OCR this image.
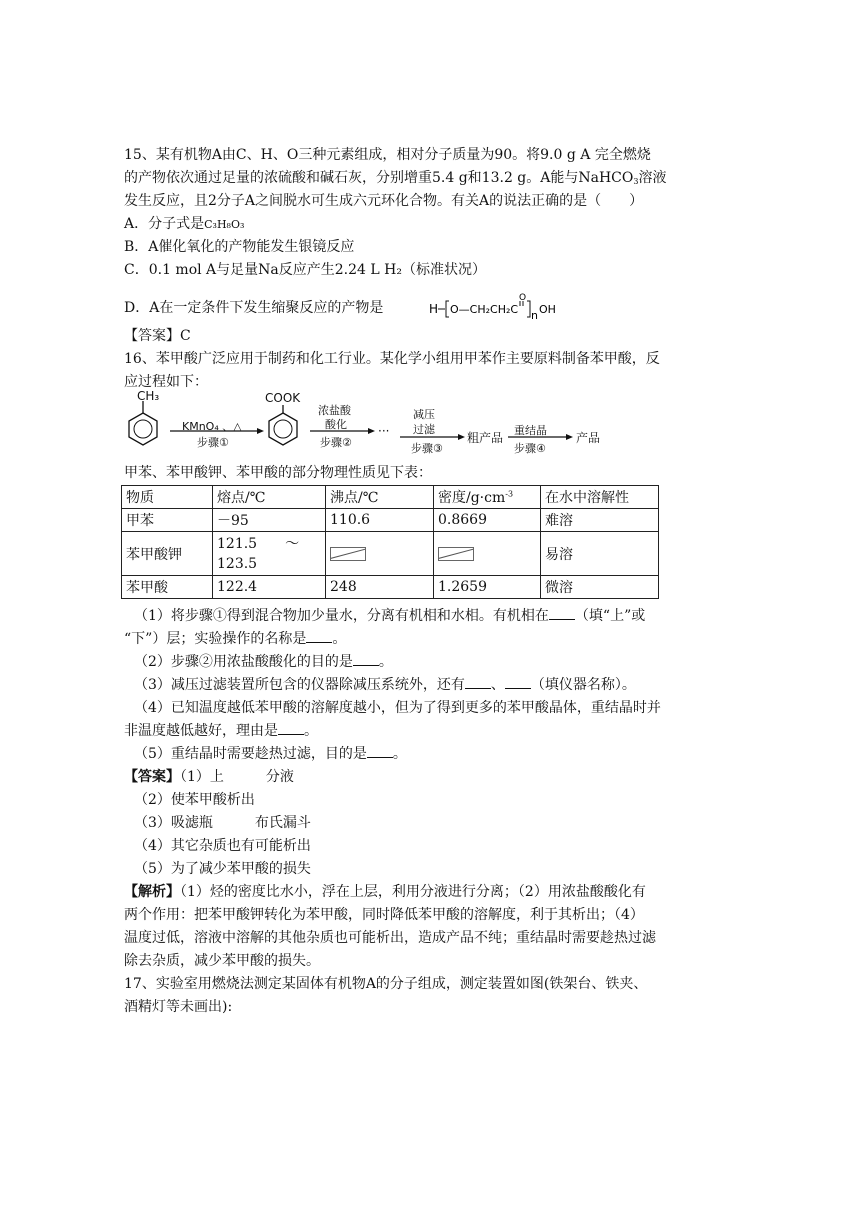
15、某有机物A由C、H、O三种元素组成，相对分子质量为90。将9.0 g A 完全燃烧
的产物依次通过足量的浓硫酸和碱石灰，分别增重5.4 g和13.2 g。A能与NaHCO$_3$溶液
发生反应，且2分子A之间脱水可生成六元环化合物。有关A的说法正确的是（　　）
A．分子式是C₃H₈O₃
B．A催化氧化的产物能发生银镜反应
C．0.1 mol A与足量Na反应产生2.24 L H₂（标准状况）
D．A在一定条件下发生缩聚反应的产物是	H O—CH₂CH₂C
O
n OH
【答案】C
16、苯甲酸广泛应用于制药和化工行业。某化学小组用甲苯作主要原料制备苯甲酸，反
应过程如下：
CH₃
KMnO₄ 、△
步骤①
COOK
浓盐酸
酸化
步骤②
···
减压
过滤
步骤③
粗产品
重结晶
步骤④
产品
甲苯、苯甲酸钾、苯甲酸的部分物理性质见下表：
物质	熔点/℃	沸点/℃	密度$/g\cdot cm^{-3}$	在水中溶解性
甲苯	－95	110.6	0.8669	难溶
苯甲酸钾	121.5　　～ 123.5			易溶
苯甲酸	122.4	248	1.2659	微溶
（1）将步骤①得到混合物加少量水，分离有机相和水相。有机相在 （填“上”或
“下”）层；实验操作的名称是 。
（2）步骤②用浓盐酸酸化的目的是 。
（3）减压过滤装置所包含的仪器除减压系统外，还有 、 （填仪器名称）。
（4）已知温度越低苯甲酸的溶解度越小，但为了得到更多的苯甲酸晶体，重结晶时并
非温度越低越好，理由是 。
（5）重结晶时需要趁热过滤，目的是 。
【答案】（1）上　　　分液
（2）使苯甲酸析出
（3）吸滤瓶　　　布氏漏斗
（4）其它杂质也有可能析出
（5）为了减少苯甲酸的损失
【解析】（1）烃的密度比水小，浮在上层，利用分液进行分离；（2）用浓盐酸酸化有
两个作用：把苯甲酸钾转化为苯甲酸，同时降低苯甲酸的溶解度，利于其析出；（4）
温度过低，溶液中溶解的其他杂质也可能析出，造成产品不纯；重结晶时需要趁热过滤
除去杂质，减少苯甲酸的损失。
17、实验室用燃烧法测定某固体有机物A的分子组成，测定装置如图(铁架台、铁夹、
酒精灯等未画出):
